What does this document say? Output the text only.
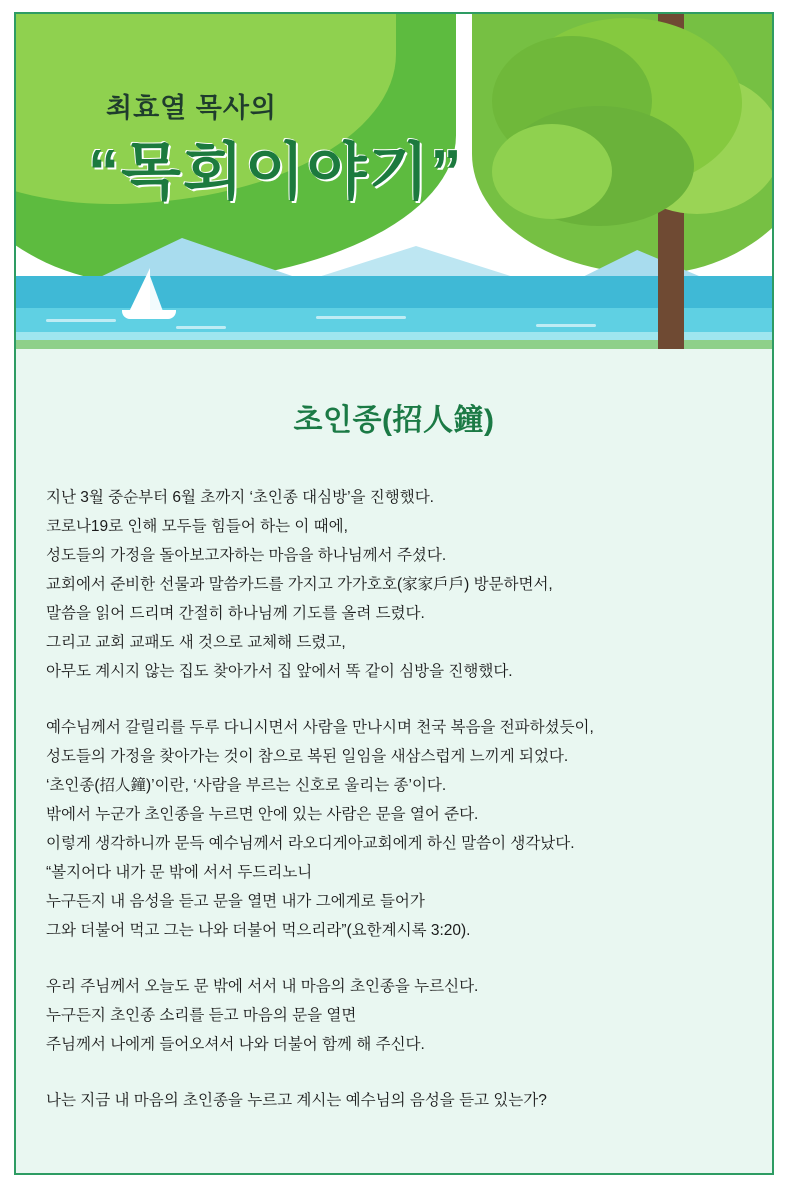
최효열 목사의
“목회이야기”
초인종(招人鐘)

지난 3월 중순부터 6월 초까지 ‘초인종 대심방’을 진행했다.
코로나19로 인해 모두들 힘들어 하는 이 때에,
성도들의 가정을 돌아보고자하는 마음을 하나님께서 주셨다.
교회에서 준비한 선물과 말씀카드를 가지고 가가호호(家家戶戶) 방문하면서,
말씀을 읽어 드리며 간절히 하나님께 기도를 올려 드렸다.
그리고 교회 교패도 새 것으로 교체해 드렸고,
아무도 계시지 않는 집도 찾아가서 집 앞에서 똑 같이 심방을 진행했다.

예수님께서 갈릴리를 두루 다니시면서 사람을 만나시며 천국 복음을 전파하셨듯이,
성도들의 가정을 찾아가는 것이 참으로 복된 일임을 새삼스럽게 느끼게 되었다.
‘초인종(招人鐘)’이란, ‘사람을 부르는 신호로 울리는 종’이다.
밖에서 누군가 초인종을 누르면 안에 있는 사람은 문을 열어 준다.
이렇게 생각하니까 문득 예수님께서 라오디게아교회에게 하신 말씀이 생각났다.
“볼지어다 내가 문 밖에 서서 두드리노니
누구든지 내 음성을 듣고 문을 열면 내가 그에게로 들어가
그와 더불어 먹고 그는 나와 더불어 먹으리라”(요한계시록 3:20).

우리 주님께서 오늘도 문 밖에 서서 내 마음의 초인종을 누르신다.
누구든지 초인종 소리를 듣고 마음의 문을 열면
주님께서 나에게 들어오셔서 나와 더불어 함께 해 주신다.

나는 지금 내 마음의 초인종을 누르고 계시는 예수님의 음성을 듣고 있는가?
